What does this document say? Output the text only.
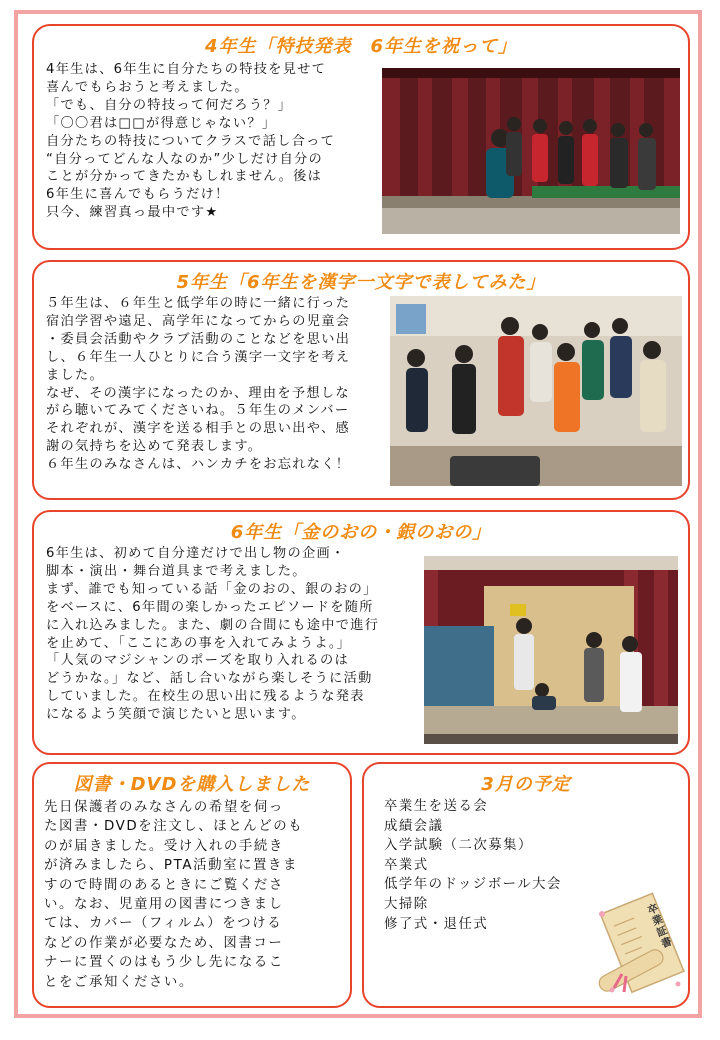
4年生「特技発表　6年生を祝って」
4年生は、6年生に自分たちの特技を見せて
喜んでもらおうと考えました。
「でも、自分の特技って何だろう？」
「〇〇君は□□が得意じゃない？」
自分たちの特技についてクラスで話し合って
“自分ってどんな人なのか”少しだけ自分の
ことが分かってきたかもしれません。後は
6年生に喜んでもらうだけ！
只今、練習真っ最中です★
5年生「6年生を漢字一文字で表してみた」
５年生は、６年生と低学年の時に一緒に行った
宿泊学習や遠足、高学年になってからの児童会
・委員会活動やクラブ活動のことなどを思い出
し、６年生一人ひとりに合う漢字一文字を考え
ました。
なぜ、その漢字になったのか、理由を予想しな
がら聴いてみてくださいね。５年生のメンバー
それぞれが、漢字を送る相手との思い出や、感
謝の気持ちを込めて発表します。
６年生のみなさんは、ハンカチをお忘れなく！
6年生「金のおの・銀のおの」
6年生は、初めて自分達だけで出し物の企画・
脚本・演出・舞台道具まで考えました。
まず、誰でも知っている話「金のおの、銀のおの」
をベースに、6年間の楽しかったエピソードを随所
に入れ込みました。また、劇の合間にも途中で進行
を止めて、「ここにあの事を入れてみようよ。」
「人気のマジシャンのポーズを取り入れるのは
どうかな。」など、話し合いながら楽しそうに活動
していました。在校生の思い出に残るような発表
になるよう笑顔で演じたいと思います。
図書・DVDを購入しました
先日保護者のみなさんの希望を伺っ
た図書・DVDを注文し、ほとんどのも
のが届きました。受け入れの手続き
が済みましたら、PTA活動室に置きま
すので時間のあるときにご覧くださ
い。なお、児童用の図書につきまし
ては、カバー（フィルム）をつける
などの作業が必要なため、図書コー
ナーに置くのはもう少し先になるこ
とをご承知ください。
3月の予定
卒業生を送る会
成績会議
入学試験（二次募集）
卒業式
低学年のドッジボール大会
大掃除
修了式・退任式
卒業証書
